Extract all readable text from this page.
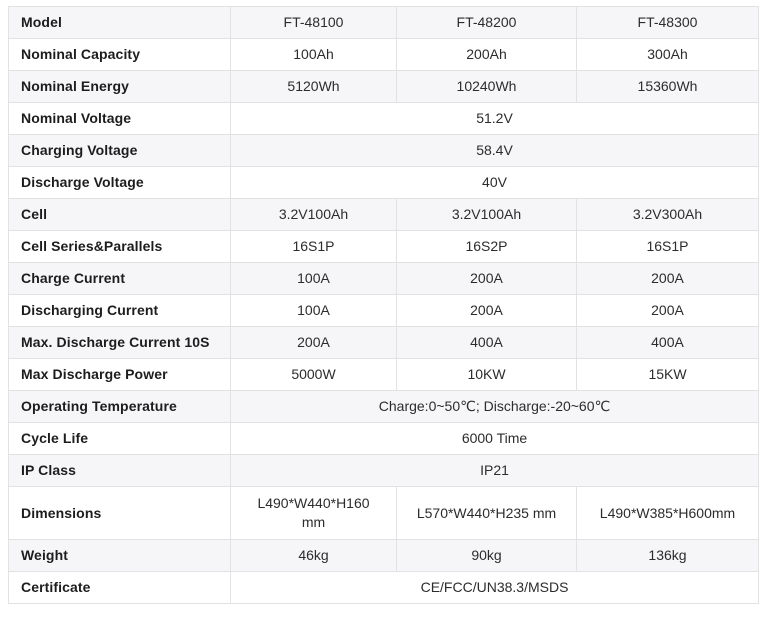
Model	FT-48100	FT-48200	FT-48300
Nominal Capacity	100Ah	200Ah	300Ah
Nominal Energy	5120Wh	10240Wh	15360Wh
Nominal Voltage	51.2V		
Charging Voltage	58.4V		
Discharge Voltage	40V		
Cell	3.2V100Ah	3.2V100Ah	3.2V300Ah
Cell Series&Parallels	16S1P	16S2P	16S1P
Charge Current	100A	200A	200A
Discharging Current	100A	200A	200A
Max. Discharge Current 10S	200A	400A	400A
Max Discharge Power	5000W	10KW	15KW
Operating Temperature	Charge:0~50℃; Discharge:-20~60℃		
Cycle Life	6000 Time		
IP Class	IP21		
Dimensions	L490*W440*H160 mm	L570*W440*H235 mm	L490*W385*H600mm
Weight	46kg	90kg	136kg
Certificate	CE/FCC/UN38.3/MSDS		
